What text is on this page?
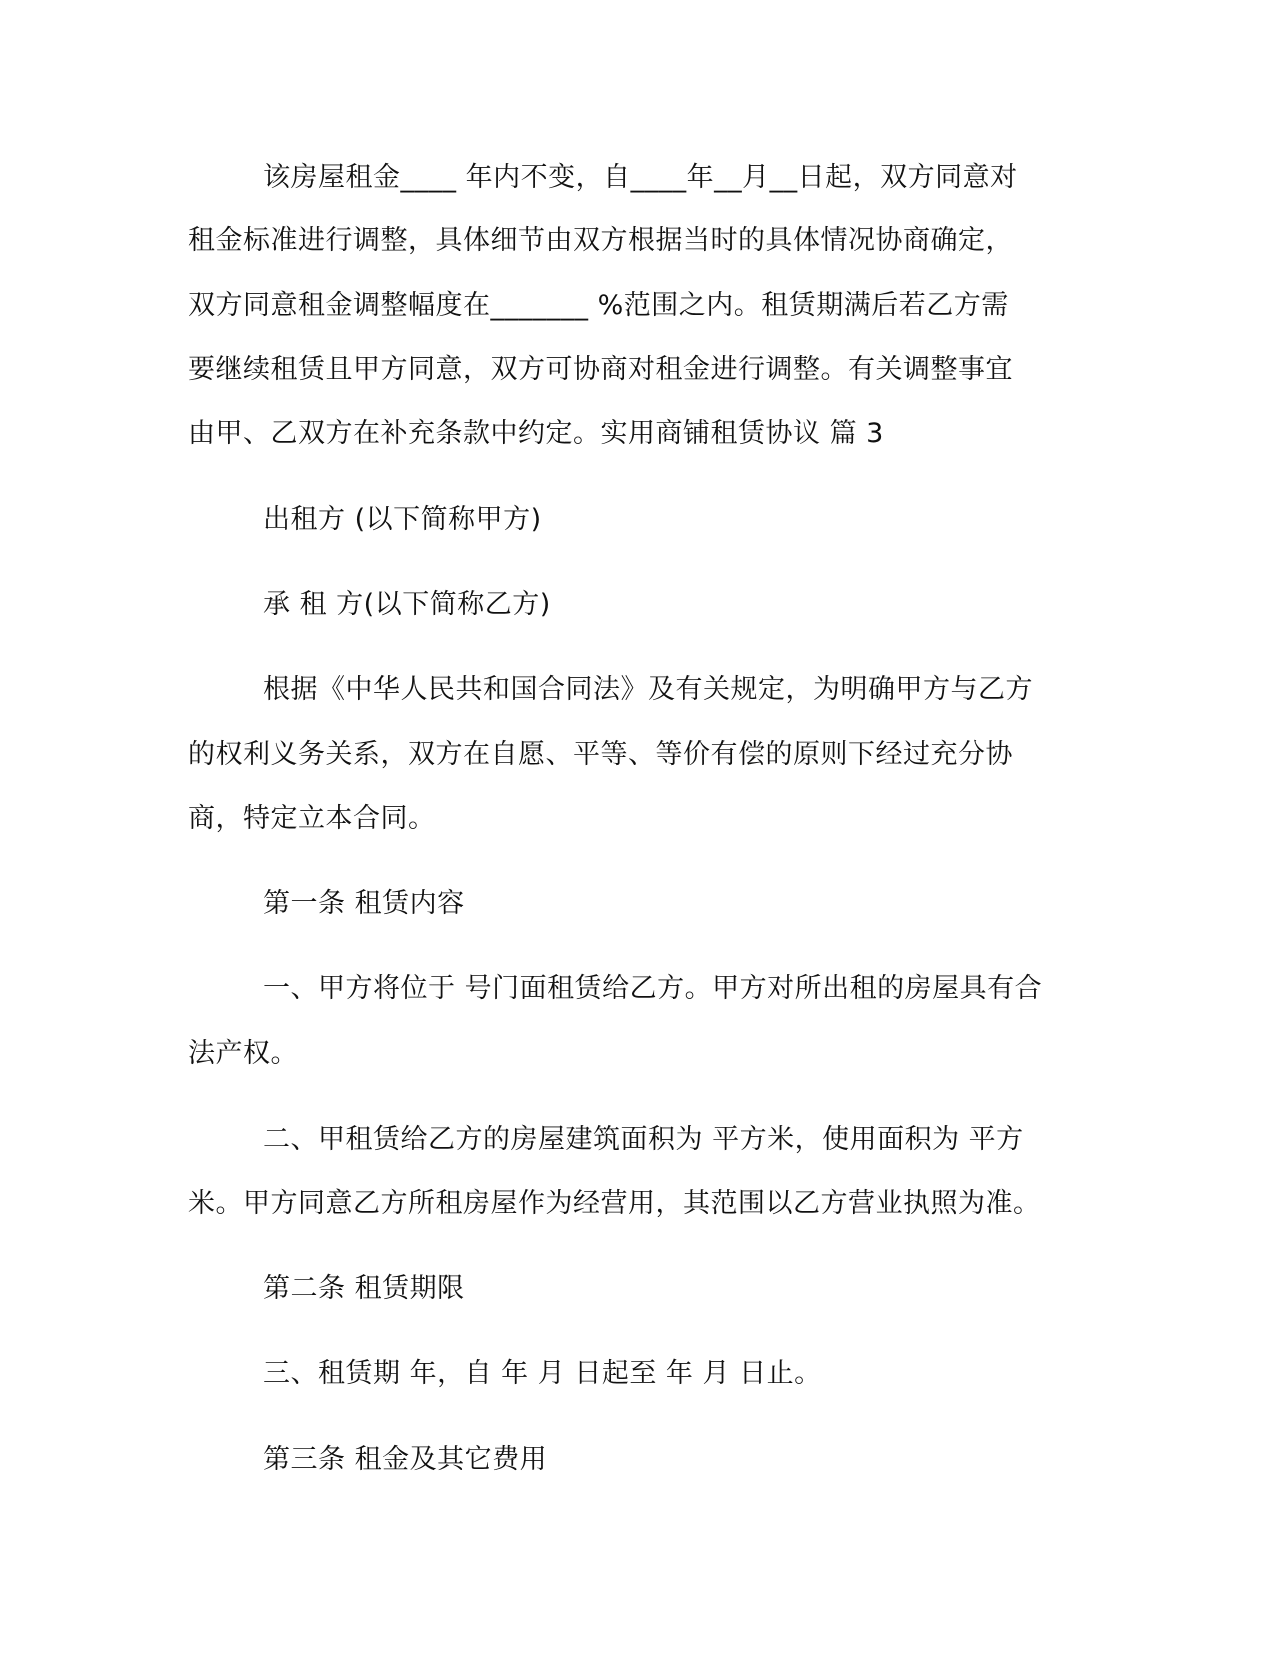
该房屋租金____ 年内不变，自____年__月__日起，双方同意对
租金标准进行调整，具体细节由双方根据当时的具体情况协商确定，
双方同意租金调整幅度在_______ %范围之内。租赁期满后若乙方需
要继续租赁且甲方同意，双方可协商对租金进行调整。有关调整事宜
由甲、乙双方在补充条款中约定。实用商铺租赁协议 篇 3
出租方 (以下简称甲方)
承 租 方(以下简称乙方)
根据《中华人民共和国合同法》及有关规定，为明确甲方与乙方
的权利义务关系，双方在自愿、平等、等价有偿的原则下经过充分协
商，特定立本合同。
第一条 租赁内容
一、甲方将位于 号门面租赁给乙方。甲方对所出租的房屋具有合
法产权。
二、甲租赁给乙方的房屋建筑面积为 平方米，使用面积为 平方
米。甲方同意乙方所租房屋作为经营用，其范围以乙方营业执照为准。
第二条 租赁期限
三、租赁期 年，自 年 月 日起至 年 月 日止。
第三条 租金及其它费用
